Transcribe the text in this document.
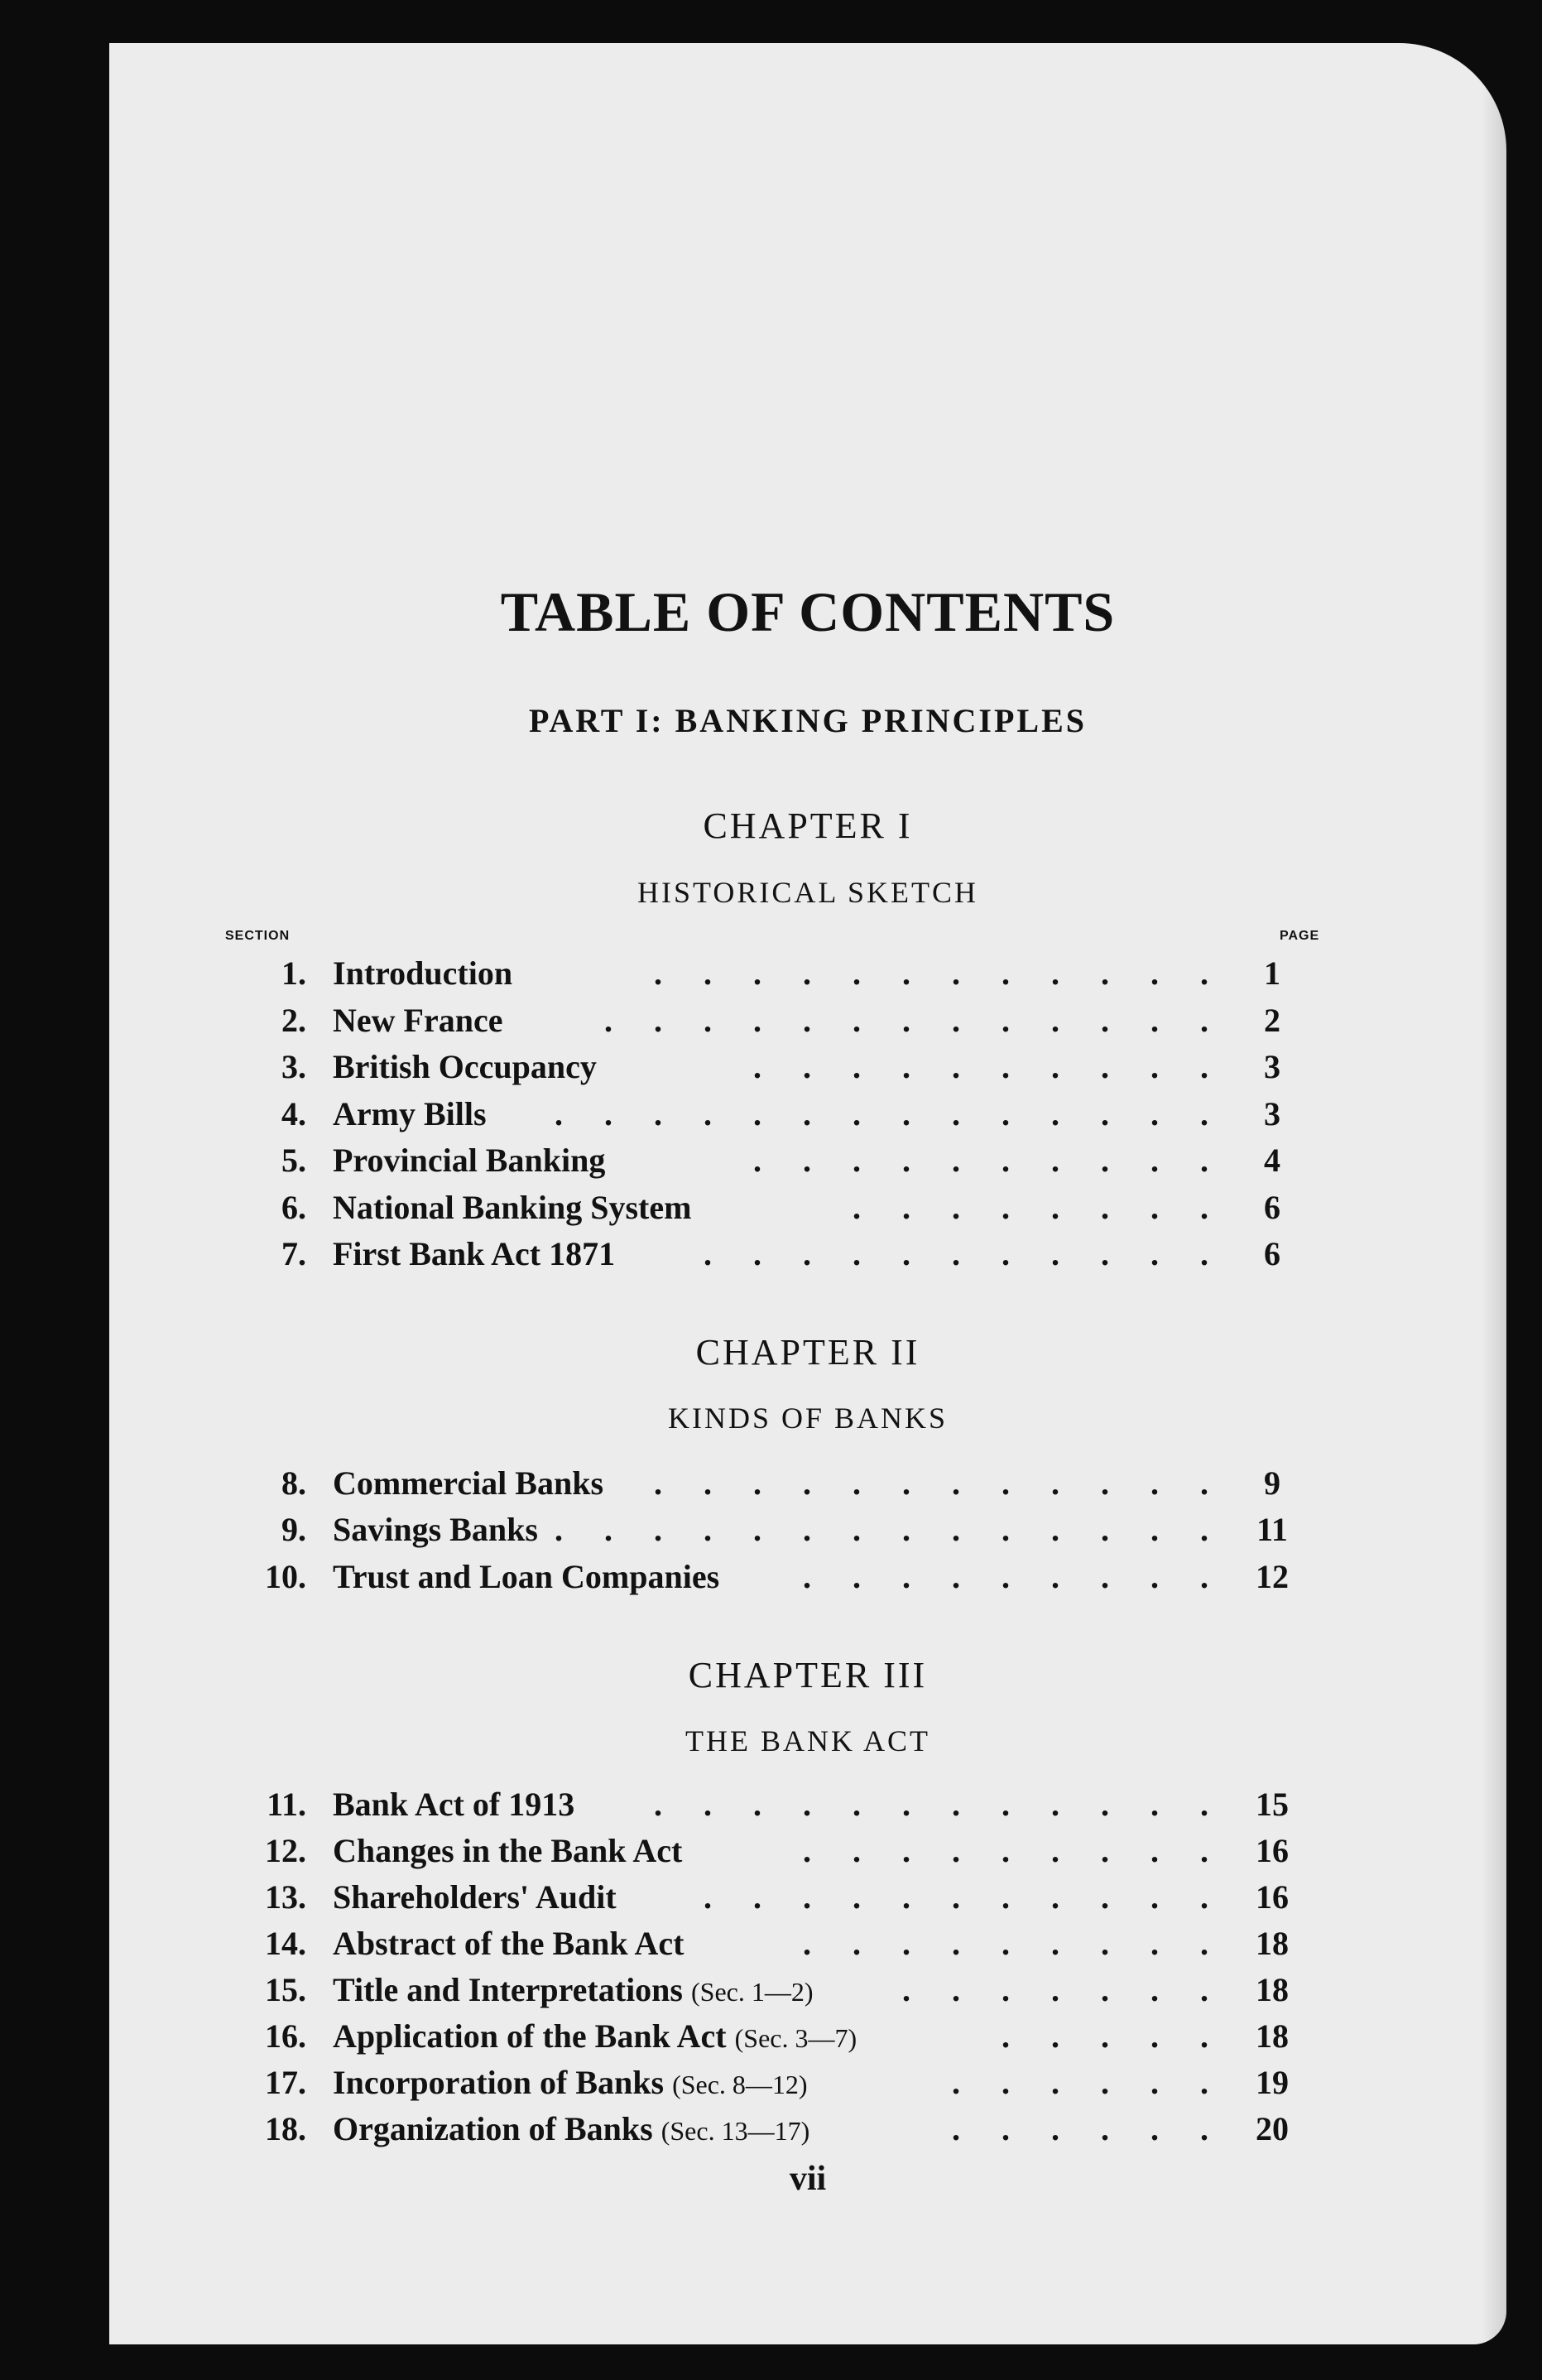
TABLE OF CONTENTS
PART I: BANKING PRINCIPLES
CHAPTER I
HISTORICAL SKETCH
SECTION	PAGE
1. Introduction	. . . . . . . . . . . .	1
2. New France	. . . . . . . . . . . . .	2
3. British Occupancy	. . . . . . . . . .	3
4. Army Bills . . . . . . . . . . . . . .	3
5. Provincial Banking	. . . . . . . . . .	4
6. National Banking System	. . . . . . . .	6
7. First Bank Act 1871	. . . . . . . . . . .	6
CHAPTER II
KINDS OF BANKS
8. Commercial Banks . . . . . . . . . . . .	9
9. Savings Banks . . . . . . . . . . . . . . 11
10. Trust and Loan Companies	. . . . . . . . . 12
CHAPTER III
THE BANK ACT
11. Bank Act of 1913 . . . . . . . . . . . . 15
12. Changes in the Bank Act	. . . . . . . . . 16
13. Shareholders' Audit	. . . . . . . . . . . 16
14. Abstract of the Bank Act	. . . . . . . . . 18
15. Title and Interpretations (Sec. 1—2)	. . . . . . . 18
16. Application of the Bank Act (Sec. 3—7)	. . . . . 18
17. Incorporation of Banks (Sec. 8—12)	. . . . . . 19
18. Organization of Banks (Sec. 13—17)	. . . . . . 20
vii
